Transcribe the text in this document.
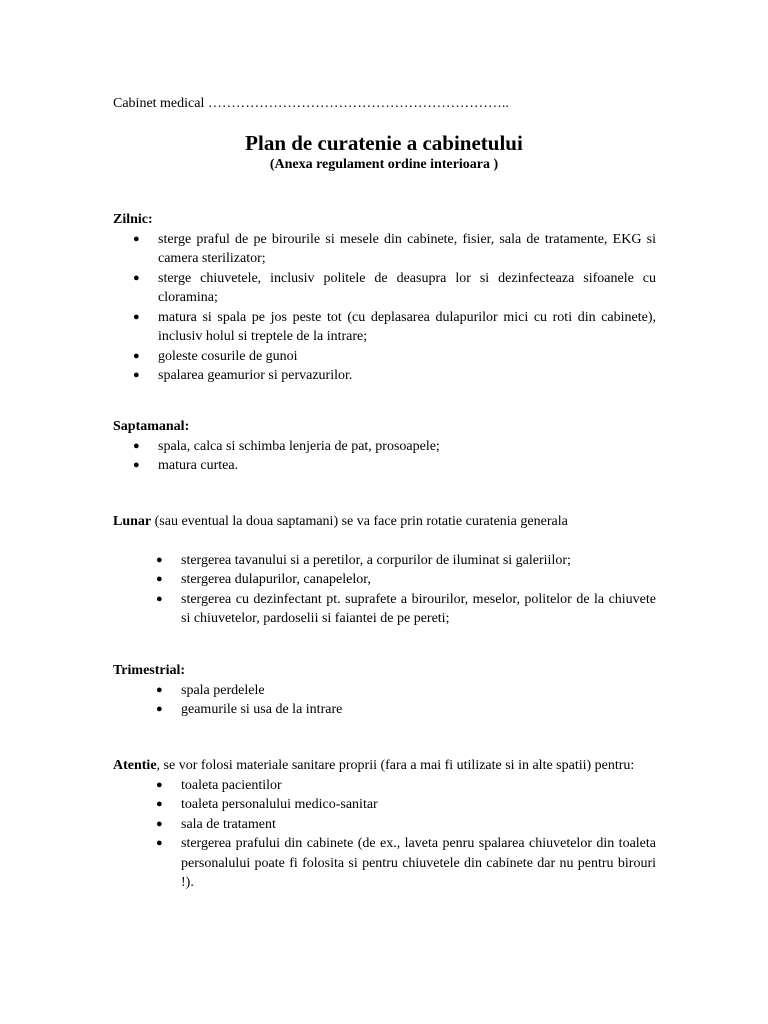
Cabinet medical ………………………………………………………..
Plan de curatenie a cabinetului
(Anexa regulament ordine interioara )

Zilnic:

● sterge praful de pe birourile si mesele din cabinete, fisier, sala de tratamente, EKG si camera sterilizator;
● sterge chiuvetele, inclusiv politele de deasupra lor si dezinfecteaza sifoanele cu cloramina;
● matura si spala pe jos peste tot (cu deplasarea dulapurilor mici cu roti din cabinete), inclusiv holul si treptele de la intrare;
● goleste cosurile de gunoi
● spalarea geamurior si pervazurilor.

Saptamanal:

● spala, calca si schimba lenjeria de pat, prosoapele;
● matura curtea.

Lunar (sau eventual la doua saptamani) se va face prin rotatie curatenia generala

● stergerea tavanului si a peretilor, a corpurilor de iluminat si galeriilor;
● stergerea dulapurilor, canapelelor,
● stergerea cu dezinfectant pt. suprafete a birourilor, meselor, politelor de la chiuvete si chiuvetelor, pardoselii si faiantei de pe pereti;

Trimestrial:

● spala perdelele
● geamurile si usa de la intrare

Atentie, se vor folosi materiale sanitare proprii (fara a mai fi utilizate si in alte spatii) pentru:

● toaleta pacientilor
● toaleta personalului medico-sanitar
● sala de tratament
● stergerea prafului din cabinete (de ex., laveta penru spalarea chiuvetelor din toaleta personalului poate fi folosita si pentru chiuvetele din cabinete dar nu pentru birouri !).
